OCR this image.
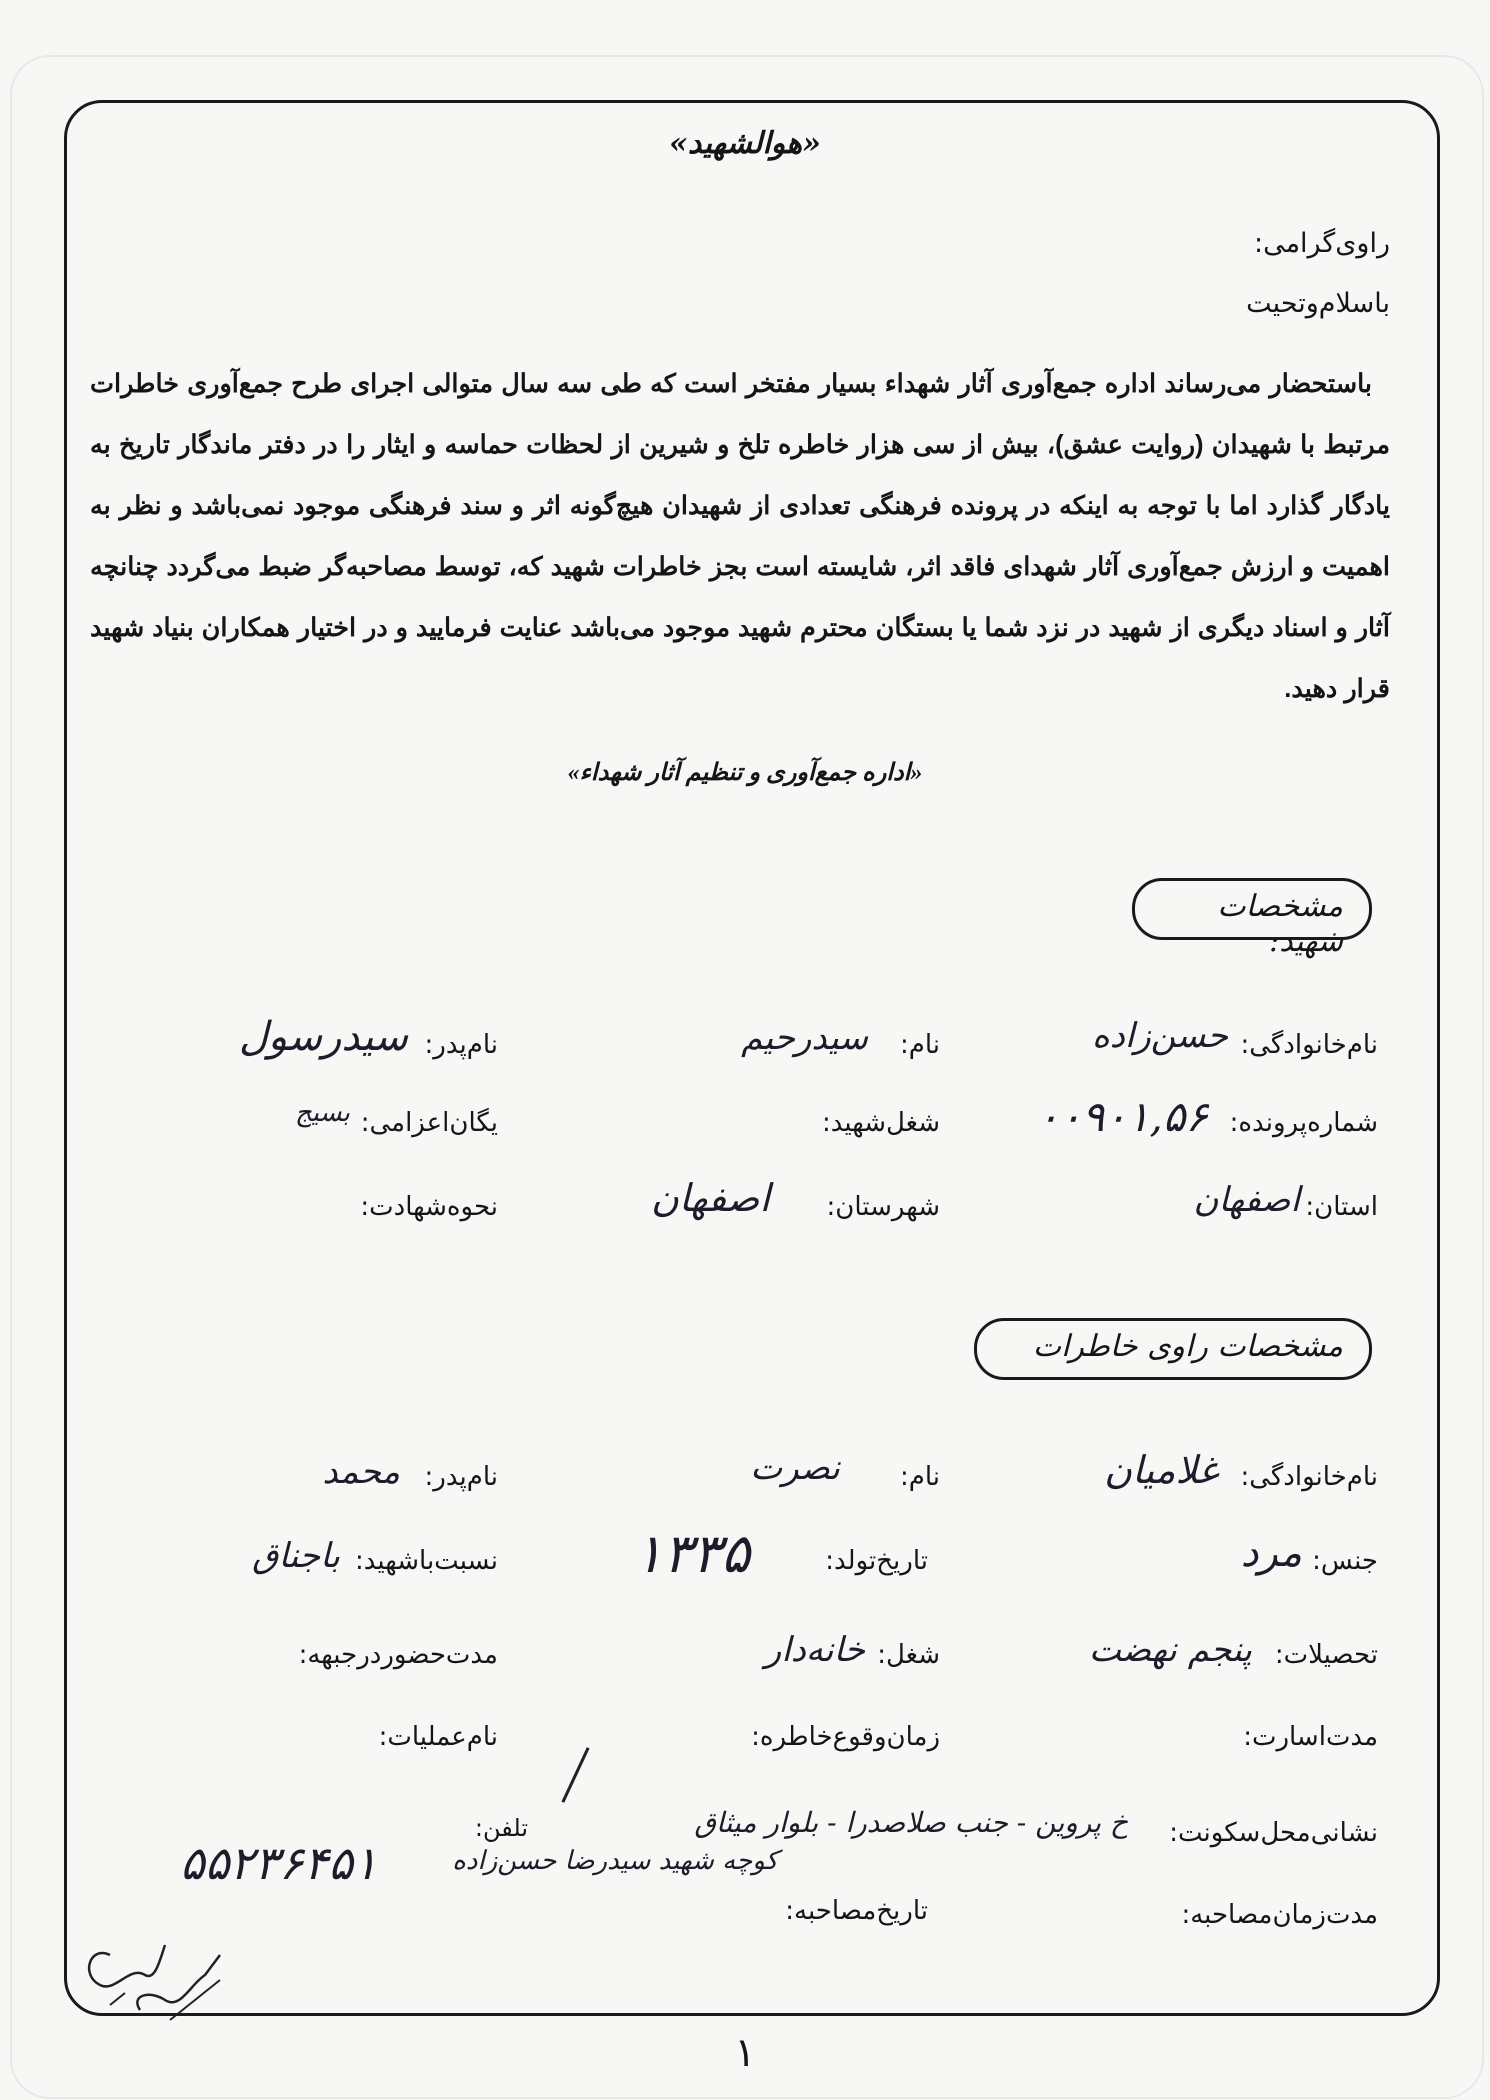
«هوالشهید»
راوی‌گرامی:
باسلام‌وتحیت
باستحضار می‌رساند اداره جمع‌آوری آثار شهداء بسیار مفتخر است که طی سه سال متوالی اجرای طرح جمع‌آوری خاطرات مرتبط با شهیدان (روایت عشق)، بیش از سی هزار خاطره تلخ و شیرین از لحظات حماسه و ایثار را در دفتر ماندگار تاریخ به یادگار گذارد اما با توجه به اینکه در پرونده فرهنگی تعدادی از شهیدان هیچ‌گونه اثر و سند فرهنگی موجود نمی‌باشد و نظر به اهمیت و ارزش جمع‌آوری آثار شهدای فاقد اثر، شایسته است بجز خاطرات شهید که، توسط مصاحبه‌گر ضبط می‌گردد چنانچه آثار و اسناد دیگری از شهید در نزد شما یا بستگان محترم شهید موجود می‌باشد عنایت فرمایید و در اختیار همکاران بنیاد شهید قرار دهید.
«اداره جمع‌آوری و تنظیم آثار شهداء»
مشخصات شهید:
نام‌خانوادگی:
حسن‌زاده
نام:
سیدرحیم
نام‌پدر:
سیدرسول
شماره‌پرونده:
۰۰۹۰۱,۵۶
شغل‌شهید:
یگان‌اعزامی:
بسیج
استان:
اصفهان
شهرستان:
اصفهان
نحوه‌شهادت:
مشخصات راوی خاطرات
نام‌خانوادگی:
غلامیان
نام:
نصرت
نام‌پدر:
محمد
جنس:
مرد
تاریخ‌تولد:
۱۳۳۵
نسبت‌باشهید:
باجناق
تحصیلات:
پنجم نهضت
شغل:
خانه‌دار
مدت‌حضوردرجبهه:
مدت‌اسارت:
زمان‌وقوع‌خاطره:
نام‌عملیات:
نشانی‌محل‌سکونت:
خ پروین - جنب صلاصدرا - بلوار میثاق
کوچه شهید سیدرضا حسن‌زاده
تلفن:
۵۵۲۳۶۴۵۱
مدت‌زمان‌مصاحبه:
تاریخ‌مصاحبه:
۱
